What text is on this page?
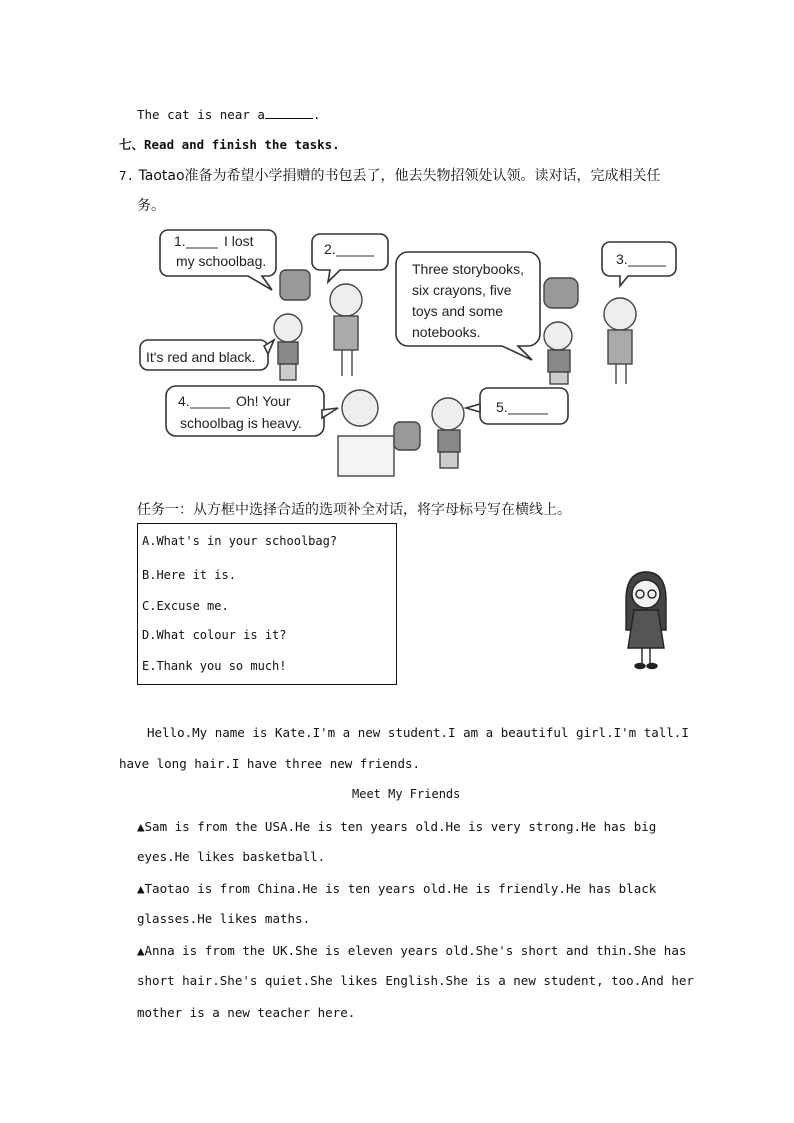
The cat is near a	.
七、Read and finish the tasks.
7. Taotao准备为希望小学捐赠的书包丢了，他去失物招领处认领。读对话，完成相关任
务。
1.	I lost
my schoolbag.
2.
Three storybooks,
six crayons, five
toys and some
notebooks.
3.
It's red and black.
4.	Oh! Your
schoolbag is heavy.
5.
任务一：从方框中选择合适的选项补全对话，将字母标号写在横线上。
A.What's in your schoolbag?
B.Here it is.
C.Excuse me.
D.What colour is it?
E.Thank you so much!
Hello.My name is Kate.I'm a new student.I am a beautiful girl.I'm tall.I
have long hair.I have three new friends.
Meet My Friends
▲Sam is from the USA.He is ten years old.He is very strong.He has big
eyes.He likes basketball.
▲Taotao is from China.He is ten years old.He is friendly.He has black
glasses.He likes maths.
▲Anna is from the UK.She is eleven years old.She's short and thin.She has
short hair.She's quiet.She likes English.She is a new student, too.And her
mother is a new teacher here.
